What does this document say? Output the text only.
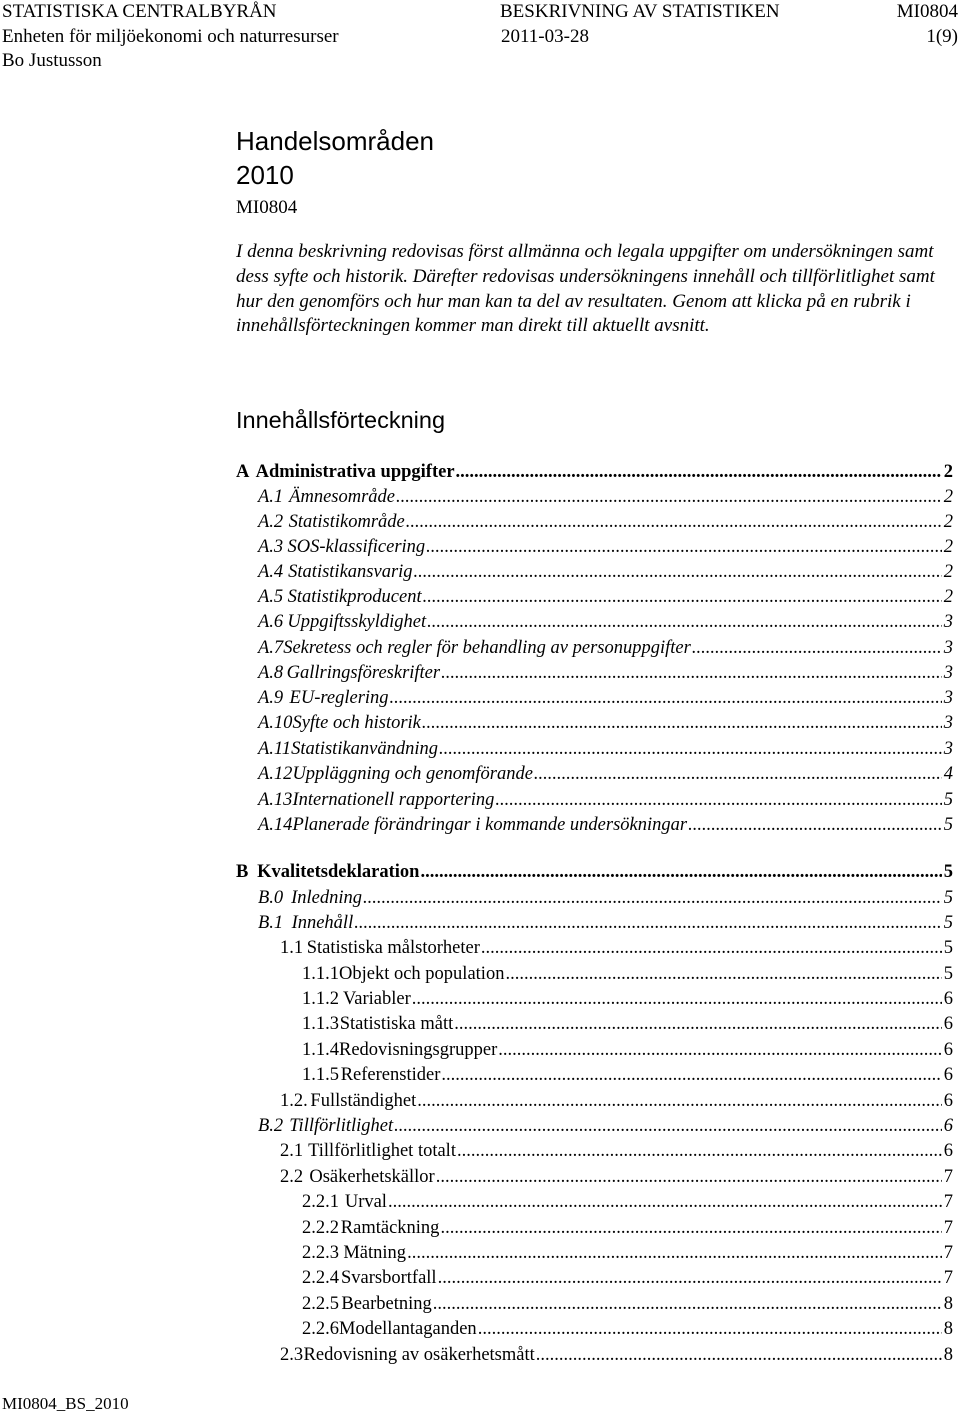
STATISTISKA CENTRALBYRÅN	BESKRIVNING AV STATISTIKEN	MI0804
Enheten för miljöekonomi och naturresurser	2011-03-28	1(9)
Bo Justusson
Handelsområden
2010
MI0804

I denna beskrivning redovisas först allmänna och legala uppgifter om undersökningen samt dess syfte och historik. Därefter redovisas undersökningens innehåll och tillförlitlighet samt hur den genomförs och hur man kan ta del av resultaten. Genom att klicka på en rubrik i innehållsförteckningen kommer man direkt till aktuellt avsnitt.

Innehållsförteckning
A Administrativa uppgifter .....	2
A.1 Ämnesområde .....	2
A.2 Statistikområde .....	2
A.3 SOS-klassificering .....	2
A.4 Statistikansvarig .....	2
A.5 Statistikproducent .....	2
A.6 Uppgiftsskyldighet .....	3
A.7 Sekretess och regler för behandling av personuppgifter .....	3
A.8 Gallringsföreskrifter .....	3
A.9 EU-reglering .....	3
A.10 Syfte och historik .....	3
A.11 Statistikanvändning .....	3
A.12 Uppläggning och genomförande .....	4
A.13 Internationell rapportering .....	5
A.14 Planerade förändringar i kommande undersökningar .....	5
B Kvalitetsdeklaration .....	5
B.0 Inledning .....	5
B.1 Innehåll .....	5
1.1 Statistiska målstorheter .....	5
1.1.1 Objekt och population .....	5
1.1.2 Variabler .....	6
1.1.3 Statistiska mått .....	6
1.1.4 Redovisningsgrupper .....	6
1.1.5 Referenstider .....	6
1.2. Fullständighet .....	6
B.2 Tillförlitlighet .....	6
2.1 Tillförlitlighet totalt .....	6
2.2 Osäkerhetskällor .....	7
2.2.1 Urval .....	7
2.2.2 Ramtäckning .....	7
2.2.3 Mätning .....	7
2.2.4 Svarsbortfall .....	7
2.2.5 Bearbetning .....	8
2.2.6 Modellantaganden .....	8
2.3 Redovisning av osäkerhetsmått .....	8
MI0804_BS_2010
